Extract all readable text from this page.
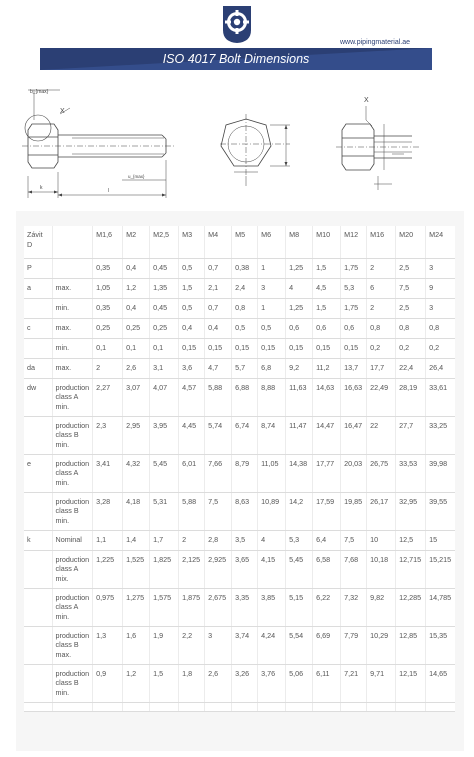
www.pipingmaterial.ae
ISO 4017 Bolt Dimensions
X
X
b_{max}
u_{max}
k	l
Závit D		M1,6	M2	M2,5	M3	M4	M5	M6	M8	M10	M12	M16	M20	M24
P		0,35	0,4	0,45	0,5	0,7	0,38	1	1,25	1,5	1,75	2	2,5	3
a	max.	1,05	1,2	1,35	1,5	2,1	2,4	3	4	4,5	5,3	6	7,5	9
	min.	0,35	0,4	0,45	0,5	0,7	0,8	1	1,25	1,5	1,75	2	2,5	3
c	max.	0,25	0,25	0,25	0,4	0,4	0,5	0,5	0,6	0,6	0,6	0,8	0,8	0,8
	min.	0,1	0,1	0,1	0,15	0,15	0,15	0,15	0,15	0,15	0,15	0,2	0,2	0,2
da	max.	2	2,6	3,1	3,6	4,7	5,7	6,8	9,2	11,2	13,7	17,7	22,4	26,4
dw	production class A min.	2,27	3,07	4,07	4,57	5,88	6,88	8,88	11,63	14,63	16,63	22,49	28,19	33,61
	production class B min.	2,3	2,95	3,95	4,45	5,74	6,74	8,74	11,47	14,47	16,47	22	27,7	33,25
e	production class A min.	3,41	4,32	5,45	6,01	7,66	8,79	11,05	14,38	17,77	20,03	26,75	33,53	39,98
	production class B min.	3,28	4,18	5,31	5,88	7,5	8,63	10,89	14,2	17,59	19,85	26,17	32,95	39,55
k	Nominal	1,1	1,4	1,7	2	2,8	3,5	4	5,3	6,4	7,5	10	12,5	15
	production class A mix.	1,225	1,525	1,825	2,125	2,925	3,65	4,15	5,45	6,58	7,68	10,18	12,715	15,215
	production class A min.	0,975	1,275	1,575	1,875	2,675	3,35	3,85	5,15	6,22	7,32	9,82	12,285	14,785
	production class B max.	1,3	1,6	1,9	2,2	3	3,74	4,24	5,54	6,69	7,79	10,29	12,85	15,35
	production class B min.	0,9	1,2	1,5	1,8	2,6	3,26	3,76	5,06	6,11	7,21	9,71	12,15	14,65
